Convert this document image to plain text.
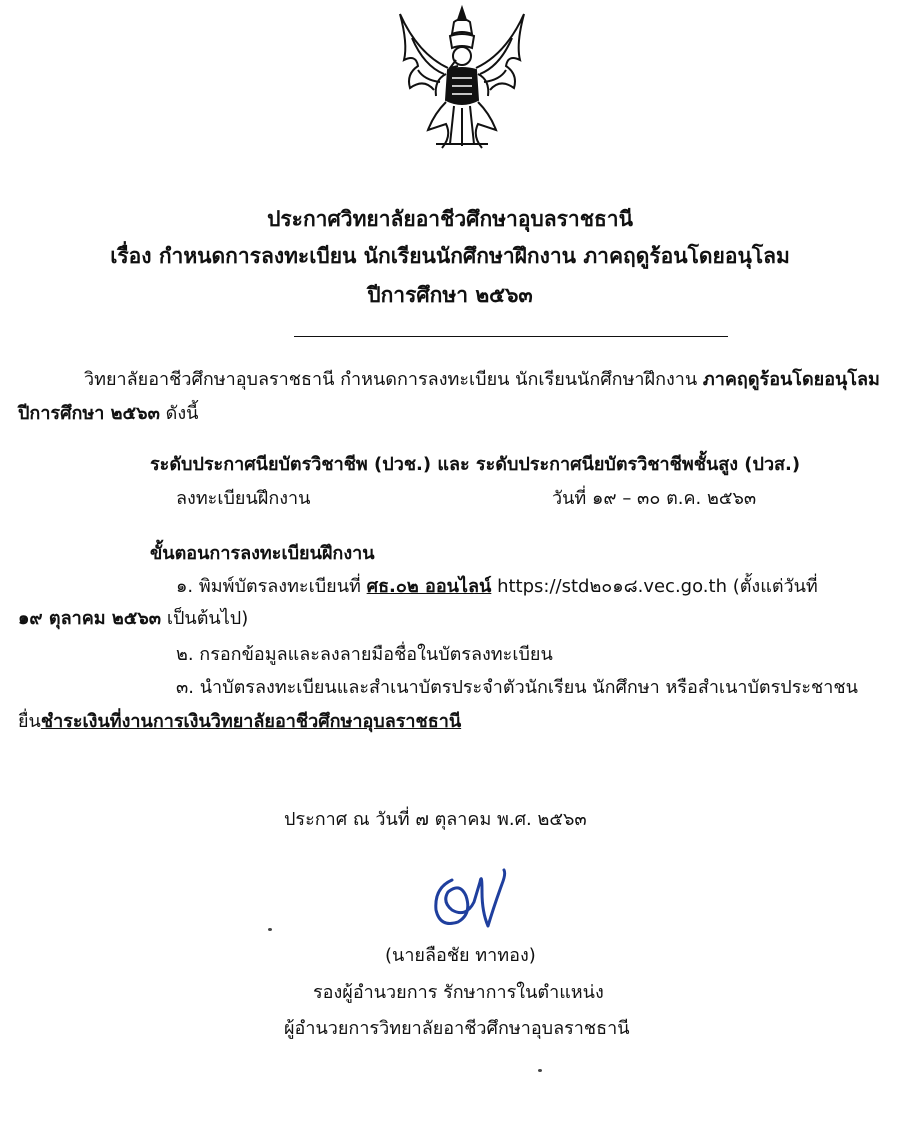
ประกาศวิทยาลัยอาชีวศึกษาอุบลราชธานี
เรื่อง กำหนดการลงทะเบียน นักเรียนนักศึกษาฝึกงาน ภาคฤดูร้อนโดยอนุโลม
ปีการศึกษา ๒๕๖๓
วิทยาลัยอาชีวศึกษาอุบลราชธานี กำหนดการลงทะเบียน นักเรียนนักศึกษาฝึกงาน ภาคฤดูร้อนโดยอนุโลม
ปีการศึกษา ๒๕๖๓ ดังนี้
ระดับประกาศนียบัตรวิชาชีพ (ปวช.) และ ระดับประกาศนียบัตรวิชาชีพชั้นสูง (ปวส.)
ลงทะเบียนฝึกงาน	วันที่ ๑๙ – ๓๐ ต.ค. ๒๕๖๓
ขั้นตอนการลงทะเบียนฝึกงาน
๑. พิมพ์บัตรลงทะเบียนที่ ศธ.๐๒ ออนไลน์ https://std๒๐๑๘.vec.go.th (ตั้งแต่วันที่
๑๙ ตุลาคม ๒๕๖๓ เป็นต้นไป)
๒. กรอกข้อมูลและลงลายมือชื่อในบัตรลงทะเบียน
๓. นำบัตรลงทะเบียนและสำเนาบัตรประจำตัวนักเรียน นักศึกษา หรือสำเนาบัตรประชาชน
ยื่นชำระเงินที่งานการเงินวิทยาลัยอาชีวศึกษาอุบลราชธานี
ประกาศ ณ วันที่ ๗ ตุลาคม พ.ศ. ๒๕๖๓
(นายลือชัย ทาทอง)
รองผู้อำนวยการ รักษาการในตำแหน่ง
ผู้อำนวยการวิทยาลัยอาชีวศึกษาอุบลราชธานี
